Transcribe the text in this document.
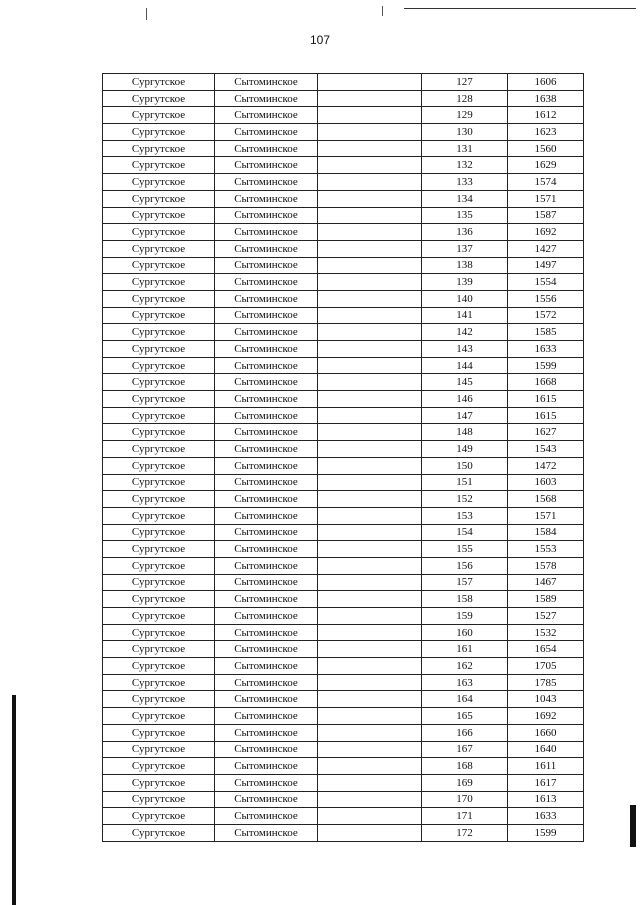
107
Сургутское	Сытоминское		127	1606
Сургутское	Сытоминское		128	1638
Сургутское	Сытоминское		129	1612
Сургутское	Сытоминское		130	1623
Сургутское	Сытоминское		131	1560
Сургутское	Сытоминское		132	1629
Сургутское	Сытоминское		133	1574
Сургутское	Сытоминское		134	1571
Сургутское	Сытоминское		135	1587
Сургутское	Сытоминское		136	1692
Сургутское	Сытоминское		137	1427
Сургутское	Сытоминское		138	1497
Сургутское	Сытоминское		139	1554
Сургутское	Сытоминское		140	1556
Сургутское	Сытоминское		141	1572
Сургутское	Сытоминское		142	1585
Сургутское	Сытоминское		143	1633
Сургутское	Сытоминское		144	1599
Сургутское	Сытоминское		145	1668
Сургутское	Сытоминское		146	1615
Сургутское	Сытоминское		147	1615
Сургутское	Сытоминское		148	1627
Сургутское	Сытоминское		149	1543
Сургутское	Сытоминское		150	1472
Сургутское	Сытоминское		151	1603
Сургутское	Сытоминское		152	1568
Сургутское	Сытоминское		153	1571
Сургутское	Сытоминское		154	1584
Сургутское	Сытоминское		155	1553
Сургутское	Сытоминское		156	1578
Сургутское	Сытоминское		157	1467
Сургутское	Сытоминское		158	1589
Сургутское	Сытоминское		159	1527
Сургутское	Сытоминское		160	1532
Сургутское	Сытоминское		161	1654
Сургутское	Сытоминское		162	1705
Сургутское	Сытоминское		163	1785
Сургутское	Сытоминское		164	1043
Сургутское	Сытоминское		165	1692
Сургутское	Сытоминское		166	1660
Сургутское	Сытоминское		167	1640
Сургутское	Сытоминское		168	1611
Сургутское	Сытоминское		169	1617
Сургутское	Сытоминское		170	1613
Сургутское	Сытоминское		171	1633
Сургутское	Сытоминское		172	1599
